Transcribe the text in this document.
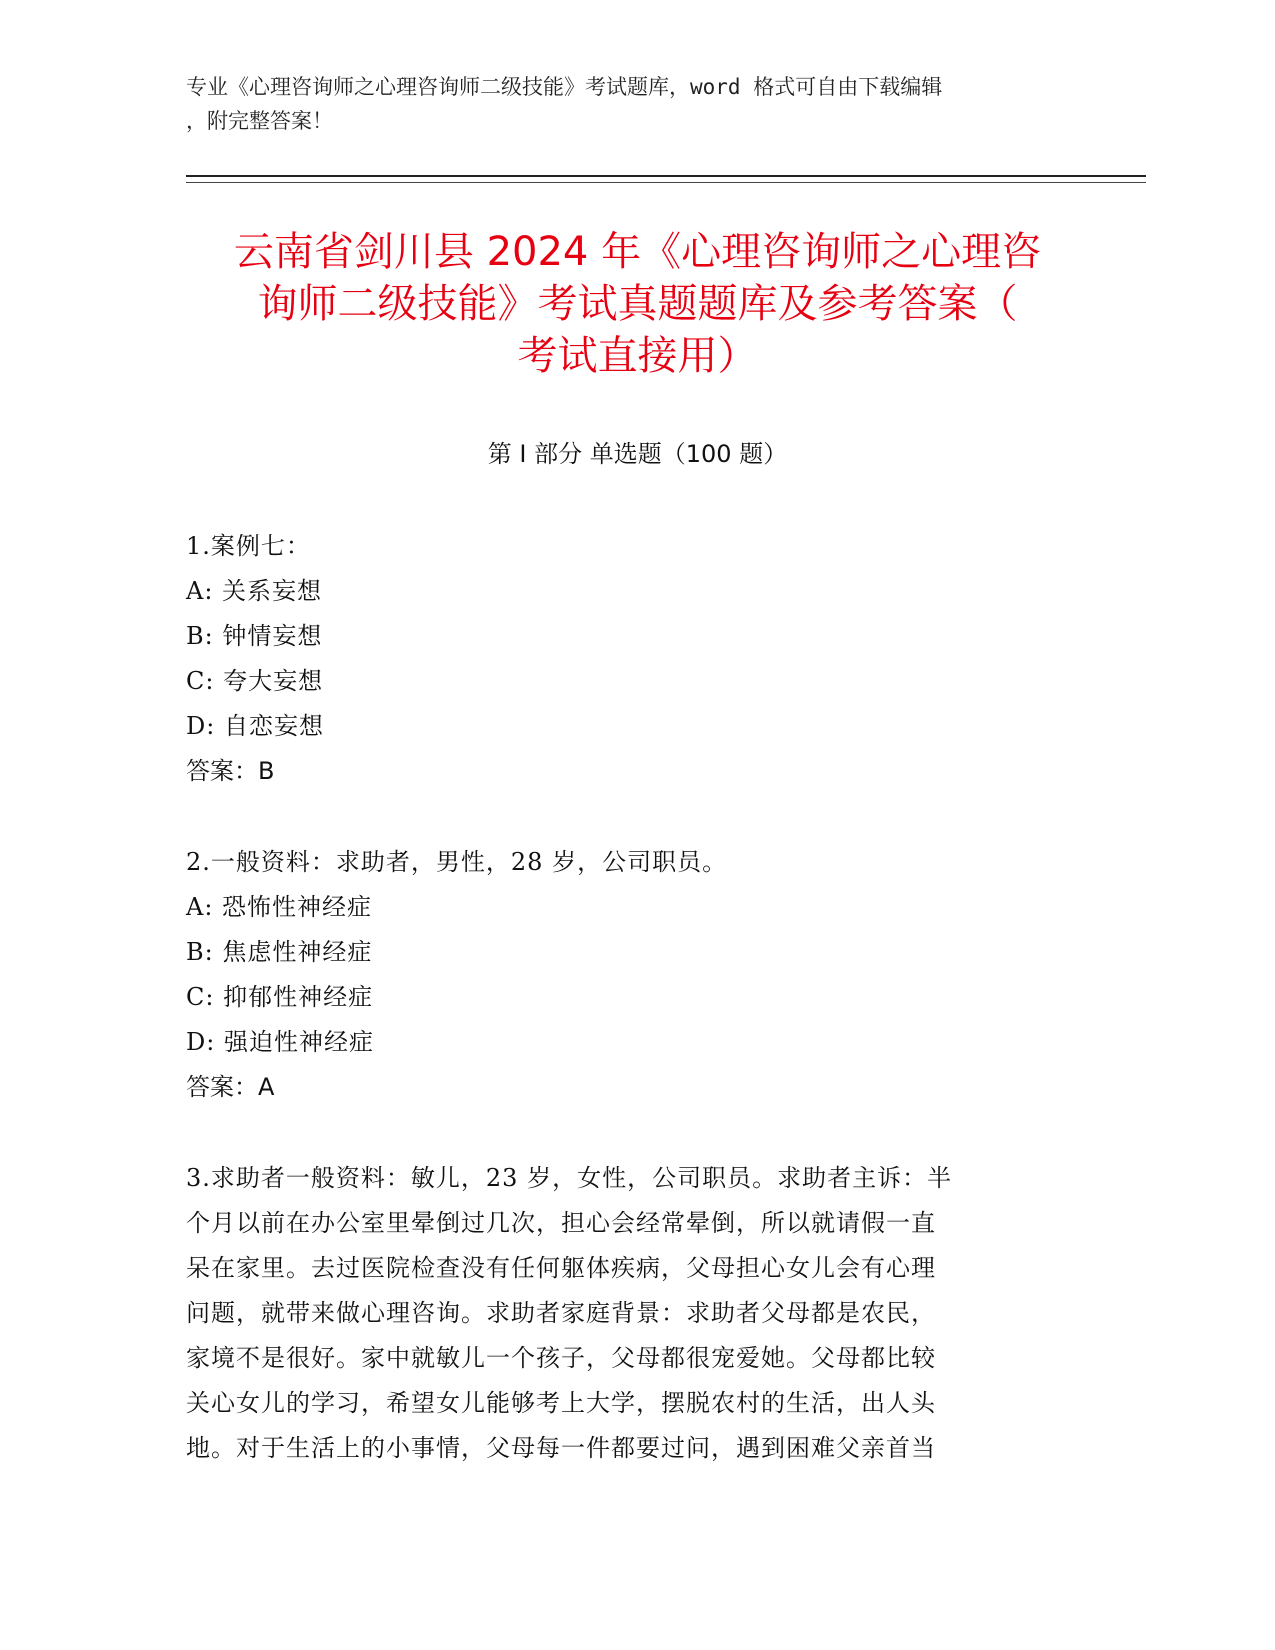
专业《心理咨询师之心理咨询师二级技能》考试题库，word 格式可自由下载编辑
，附完整答案！
云南省剑川县 2024 年《心理咨询师之心理咨
询师二级技能》考试真题题库及参考答案（
考试直接用）
第 I 部分 单选题（100 题）

1.案例七：

A: 关系妄想

B: 钟情妄想

C: 夸大妄想

D: 自恋妄想

答案：B

2.一般资料：求助者，男性，28 岁，公司职员。

A: 恐怖性神经症

B: 焦虑性神经症

C: 抑郁性神经症

D: 强迫性神经症

答案：A

3.求助者一般资料：敏儿，23 岁，女性，公司职员。求助者主诉：半

个月以前在办公室里晕倒过几次，担心会经常晕倒，所以就请假一直

呆在家里。去过医院检查没有任何躯体疾病，父母担心女儿会有心理

问题，就带来做心理咨询。求助者家庭背景：求助者父母都是农民，

家境不是很好。家中就敏儿一个孩子，父母都很宠爱她。父母都比较

关心女儿的学习，希望女儿能够考上大学，摆脱农村的生活，出人头

地。对于生活上的小事情，父母每一件都要过问，遇到困难父亲首当
